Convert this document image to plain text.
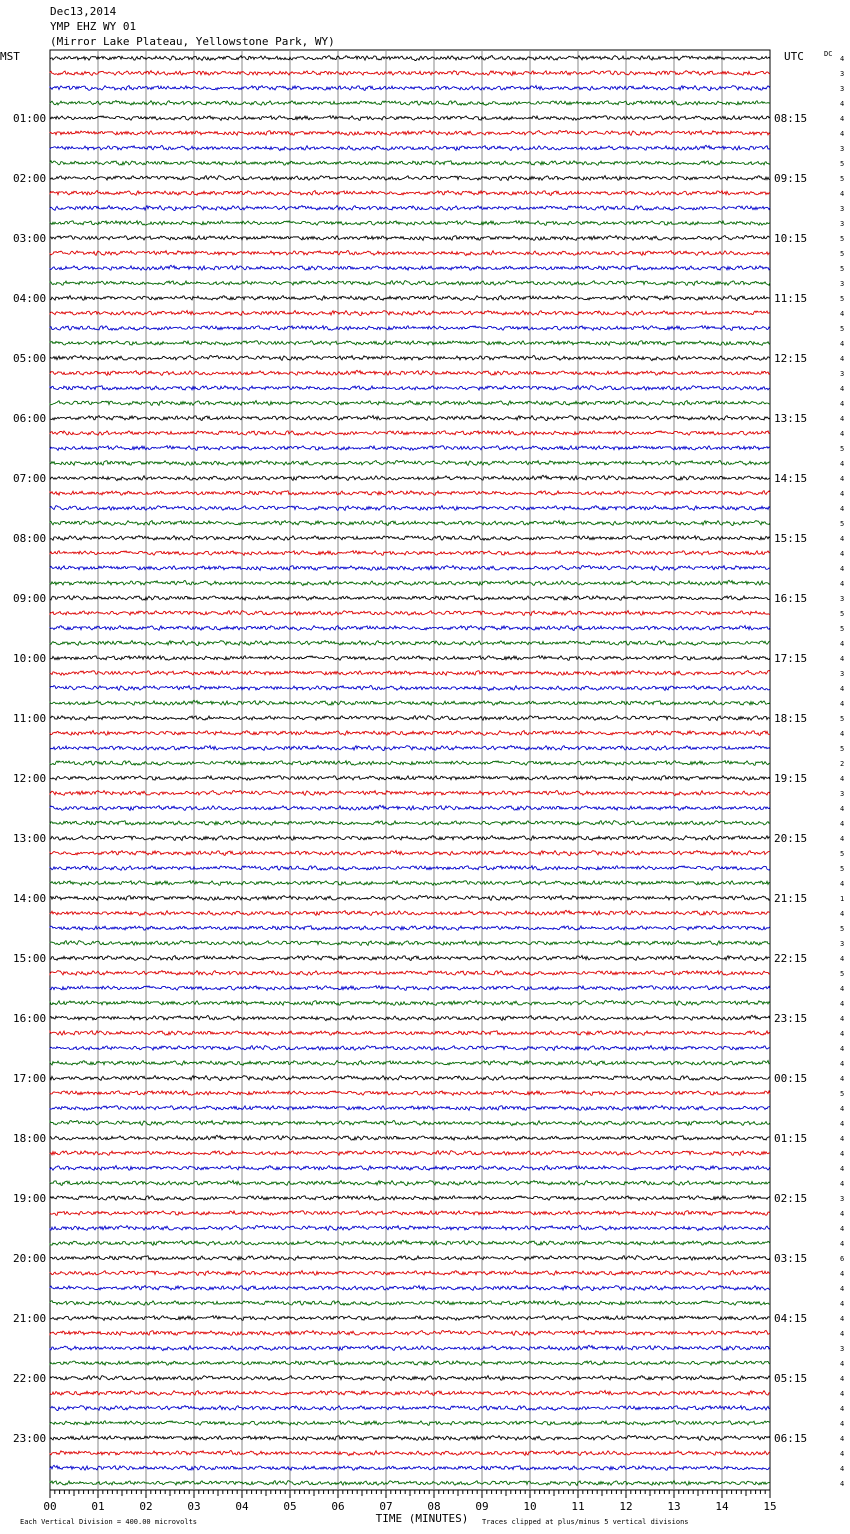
Dec13,2014
YMP EHZ WY 01
(Mirror Lake Plateau, Yellowstone Park, WY)
MST	UTC	DC
TIME (MINUTES)
Each Vertical Division = 400.00 microvolts	Traces clipped at plus/minus 5 vertical divisions
00	01	02	03	04	05	06	07	08	09	10	11	12	13	14	15
4
3
3
4
4
4
3
5
5
4
3
3
5
5
5
3
5
4
5
4
4
3
4
4
4
4
5
4
4
4
4
5
4
4
4
4
3
5
5
4
4
3
4
4
5
4
5
2
4
3
4
4
4
5
5
4
1
4
5
3
4
5
4
4
4
4
4
4
4
5
4
4
4
4
4
4
3
4
4
4
6
4
4
4
4
4
3
4
4
4
4
4
4
4
4
4
01:00	08:15
02:00	09:15
03:00	10:15
04:00	11:15
05:00	12:15
06:00	13:15
07:00	14:15
08:00	15:15
09:00	16:15
10:00	17:15
11:00	18:15
12:00	19:15
13:00	20:15
14:00	21:15
15:00	22:15
16:00	23:15
17:00	00:15
18:00	01:15
19:00	02:15
20:00	03:15
21:00	04:15
22:00	05:15
23:00	06:15
